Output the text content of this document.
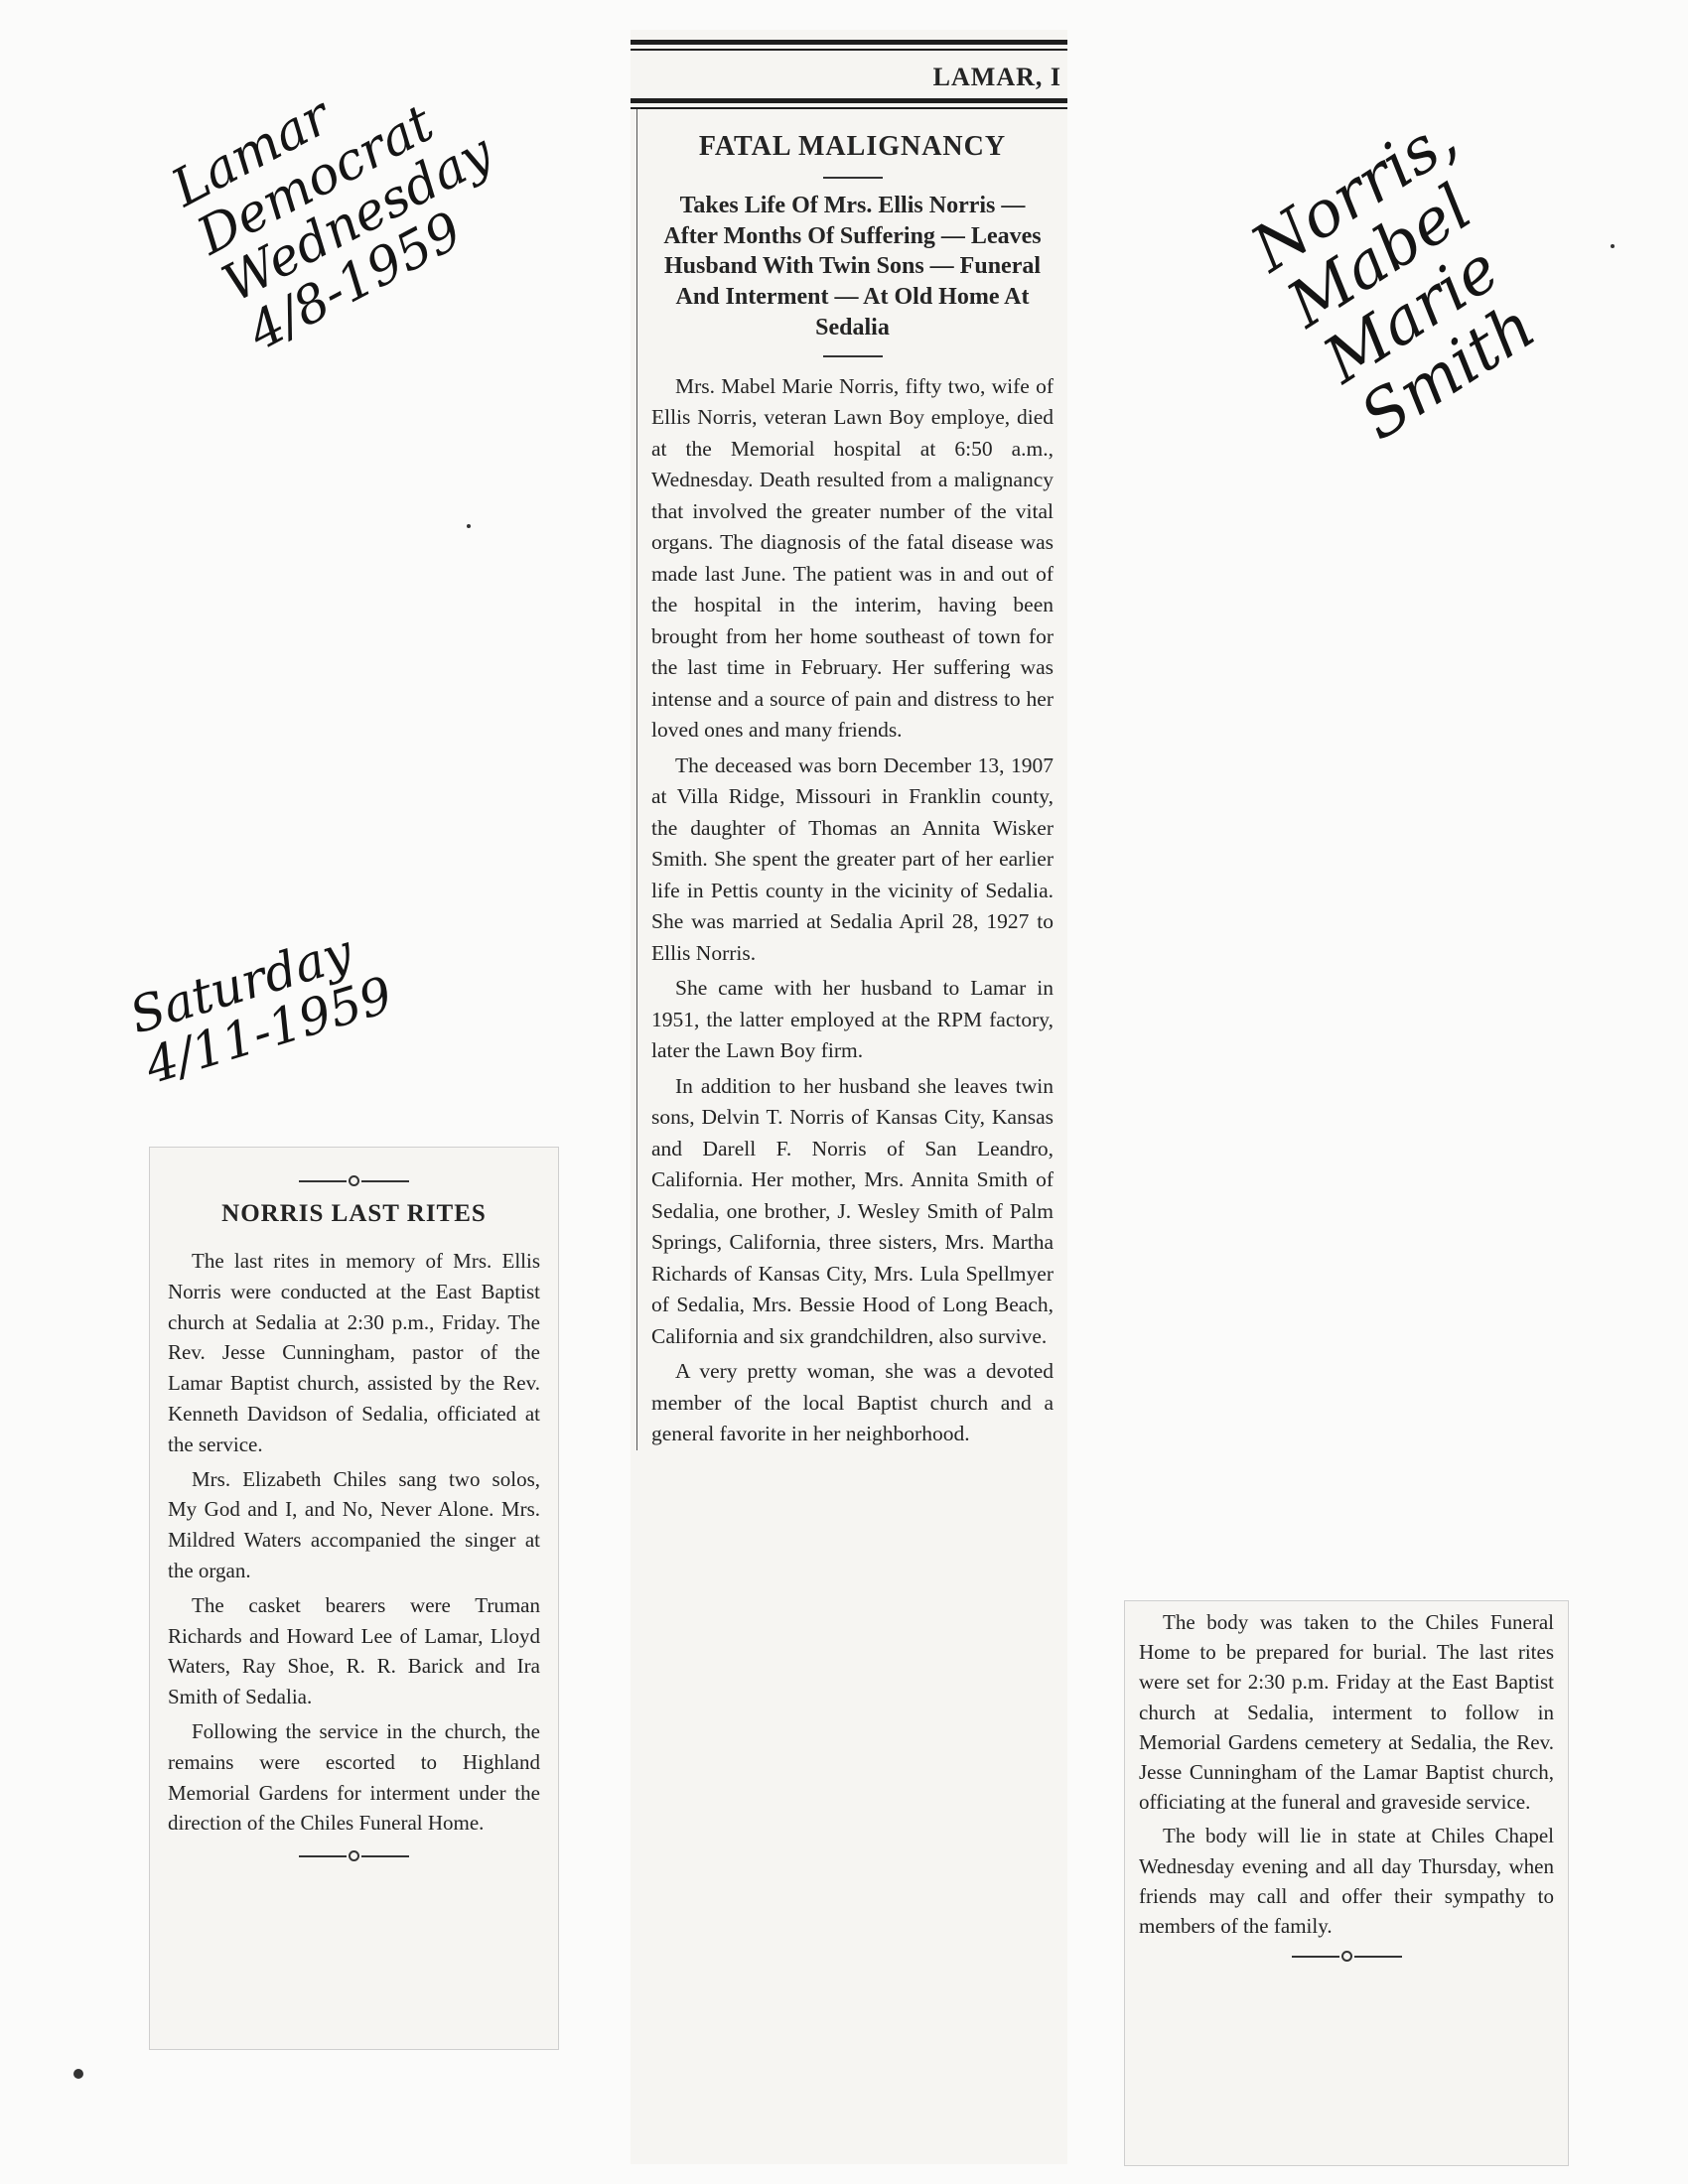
Lamar
Democrat
Wednesday
4/8-1959
Saturday
4/11-1959
Norris,
Mabel
Marie
Smith
LAMAR, I
FATAL MALIGNANCY
Takes Life Of Mrs. Ellis Norris — After Months Of Suffering — Leaves Husband With Twin Sons — Funeral And Interment — At Old Home At Sedalia

Mrs. Mabel Marie Norris, fifty two, wife of Ellis Norris, veteran Lawn Boy employe, died at the Memorial hospital at 6:50 a.m., Wednesday. Death resulted from a malignancy that involved the greater number of the vital organs. The diagnosis of the fatal disease was made last June. The patient was in and out of the hospital in the interim, having been brought from her home southeast of town for the last time in February. Her suffering was intense and a source of pain and distress to her loved ones and many friends.

The deceased was born December 13, 1907 at Villa Ridge, Missouri in Franklin county, the daughter of Thomas an Annita Wisker Smith. She spent the greater part of her earlier life in Pettis county in the vicinity of Sedalia. She was married at Sedalia April 28, 1927 to Ellis Norris.

She came with her husband to Lamar in 1951, the latter employed at the RPM factory, later the Lawn Boy firm.

In addition to her husband she leaves twin sons, Delvin T. Norris of Kansas City, Kansas and Darell F. Norris of San Leandro, California. Her mother, Mrs. Annita Smith of Sedalia, one brother, J. Wesley Smith of Palm Springs, California, three sisters, Mrs. Martha Richards of Kansas City, Mrs. Lula Spellmyer of Sedalia, Mrs. Bessie Hood of Long Beach, California and six grandchildren, also survive.

A very pretty woman, she was a devoted member of the local Baptist church and a general favorite in her neighborhood.

The body was taken to the Chiles Funeral Home to be prepared for burial. The last rites were set for 2:30 p.m. Friday at the East Baptist church at Sedalia, interment to follow in Memorial Gardens cemetery at Sedalia, the Rev. Jesse Cunningham of the Lamar Baptist church, officiating at the funeral and graveside service.

The body will lie in state at Chiles Chapel Wednesday evening and all day Thursday, when friends may call and offer their sympathy to members of the family.

NORRIS LAST RITES

The last rites in memory of Mrs. Ellis Norris were conducted at the East Baptist church at Sedalia at 2:30 p.m., Friday. The Rev. Jesse Cunningham, pastor of the Lamar Baptist church, assisted by the Rev. Kenneth Davidson of Sedalia, officiated at the service.

Mrs. Elizabeth Chiles sang two solos, My God and I, and No, Never Alone. Mrs. Mildred Waters accompanied the singer at the organ.

The casket bearers were Truman Richards and Howard Lee of Lamar, Lloyd Waters, Ray Shoe, R. R. Barick and Ira Smith of Sedalia.

Following the service in the church, the remains were escorted to Highland Memorial Gardens for interment under the direction of the Chiles Funeral Home.
